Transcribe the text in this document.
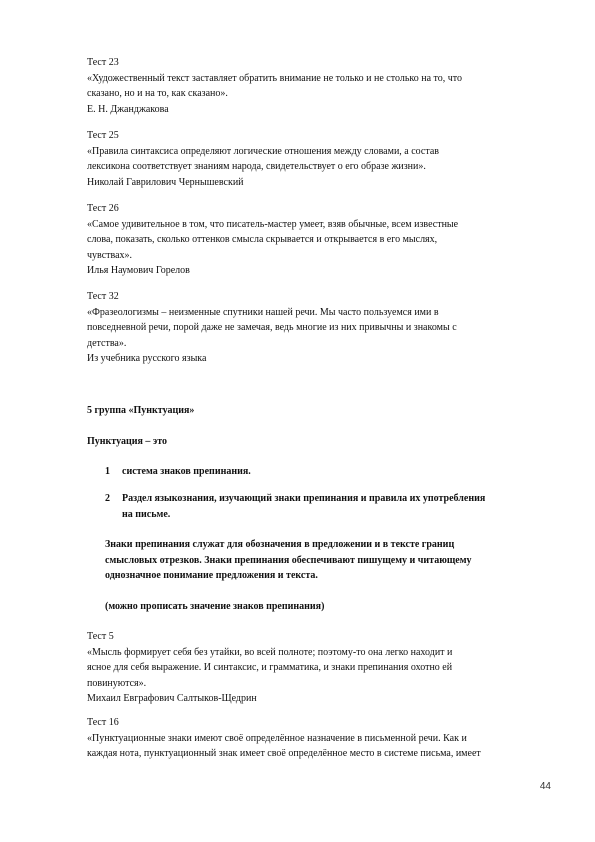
Тест 23
«Художественный текст заставляет обратить внимание не только и не столько на то, что
сказано, но и на то, как сказано».
Е. Н. Джанджакова
Тест 25
«Правила синтаксиса определяют логические отношения между словами, а состав
лексикона соответствует знаниям народа, свидетельствует о его образе жизни».
Николай Гаврилович Чернышевский
Тест 26
«Самое удивительное в том, что писатель-мастер умеет, взяв обычные, всем известные
слова, показать, сколько оттенков смысла скрывается и открывается в его мыслях,
чувствах».
Илья Наумович Горелов
Тест 32
«Фразеологизмы – неизменные спутники нашей речи. Мы часто пользуемся ими в
повседневной речи, порой даже не замечая, ведь многие из них привычны и знакомы с
детства».
Из учебника русского языка
5 группа «Пунктуация»
Пунктуация – это
1 система знаков препинания.
2 Раздел языкознания, изучающий знаки препинания и правила их употребления
на письме.
Знаки препинания служат для обозначения в предложении и в тексте границ
смысловых отрезков. Знаки препинания обеспечивают пишущему и читающему
однозначное понимание предложения и текста.
(можно прописать значение знаков препинания)
Тест 5
«Мысль формирует себя без утайки, во всей полноте; поэтому-то она легко находит и
ясное для себя выражение. И синтаксис, и грамматика, и знаки препинания охотно ей
повинуются».
Михаил Евграфович Салтыков-Щедрин
Тест 16
«Пунктуационные знаки имеют своё определённое назначение в письменной речи. Как и
каждая нота, пунктуационный знак имеет своё определённое место в системе письма, имеет
44
